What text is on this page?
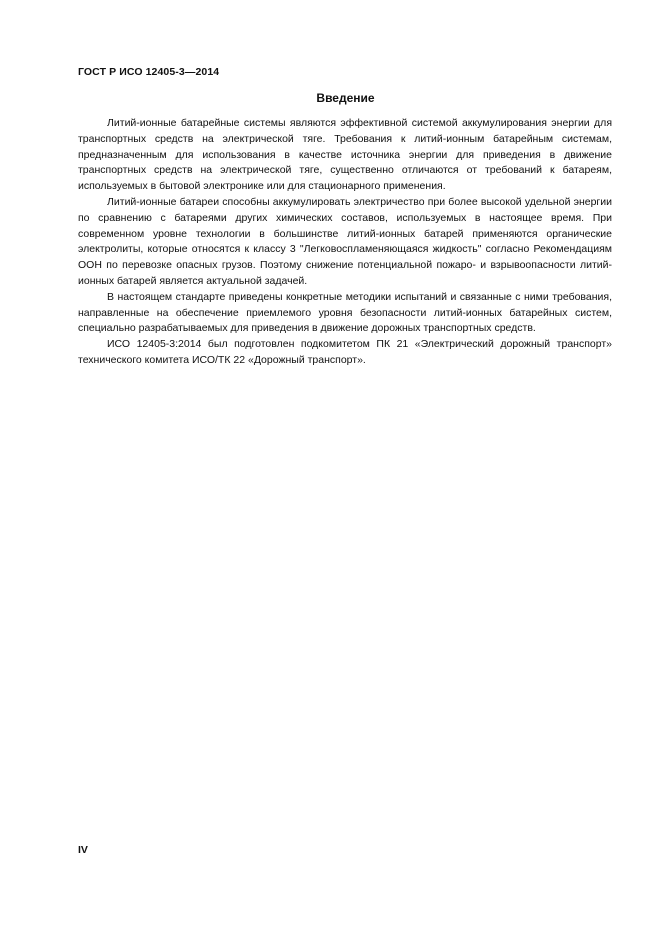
ГОСТ Р ИСО 12405-3—2014
Введение

Литий-ионные батарейные системы являются эффективной системой аккумулирования энергии для транспортных средств на электрической тяге. Требования к литий-ионным батарейным системам, предназначенным для использования в качестве источника энергии для приведения в движение транспортных средств на электрической тяге, существенно отличаются от требований к батареям, используемых в бытовой электронике или для стационарного применения.

Литий-ионные батареи способны аккумулировать электричество при более высокой удельной энергии по сравнению с батареями других химических составов, используемых в настоящее время. При современном уровне технологии в большинстве литий-ионных батарей применяются органические электролиты, которые относятся к классу 3 "Легковоспламеняющаяся жидкость" согласно Рекомендациям ООН по перевозке опасных грузов. Поэтому снижение потенциальной пожаро- и взрывоопасности литий-ионных батарей является актуальной задачей.

В настоящем стандарте приведены конкретные методики испытаний и связанные с ними требования, направленные на обеспечение приемлемого уровня безопасности литий-ионных батарейных систем, специально разрабатываемых для приведения в движение дорожных транспортных средств.

ИСО 12405-3:2014 был подготовлен подкомитетом ПК 21 «Электрический дорожный транспорт» технического комитета ИСО/ТК 22 «Дорожный транспорт».

IV
